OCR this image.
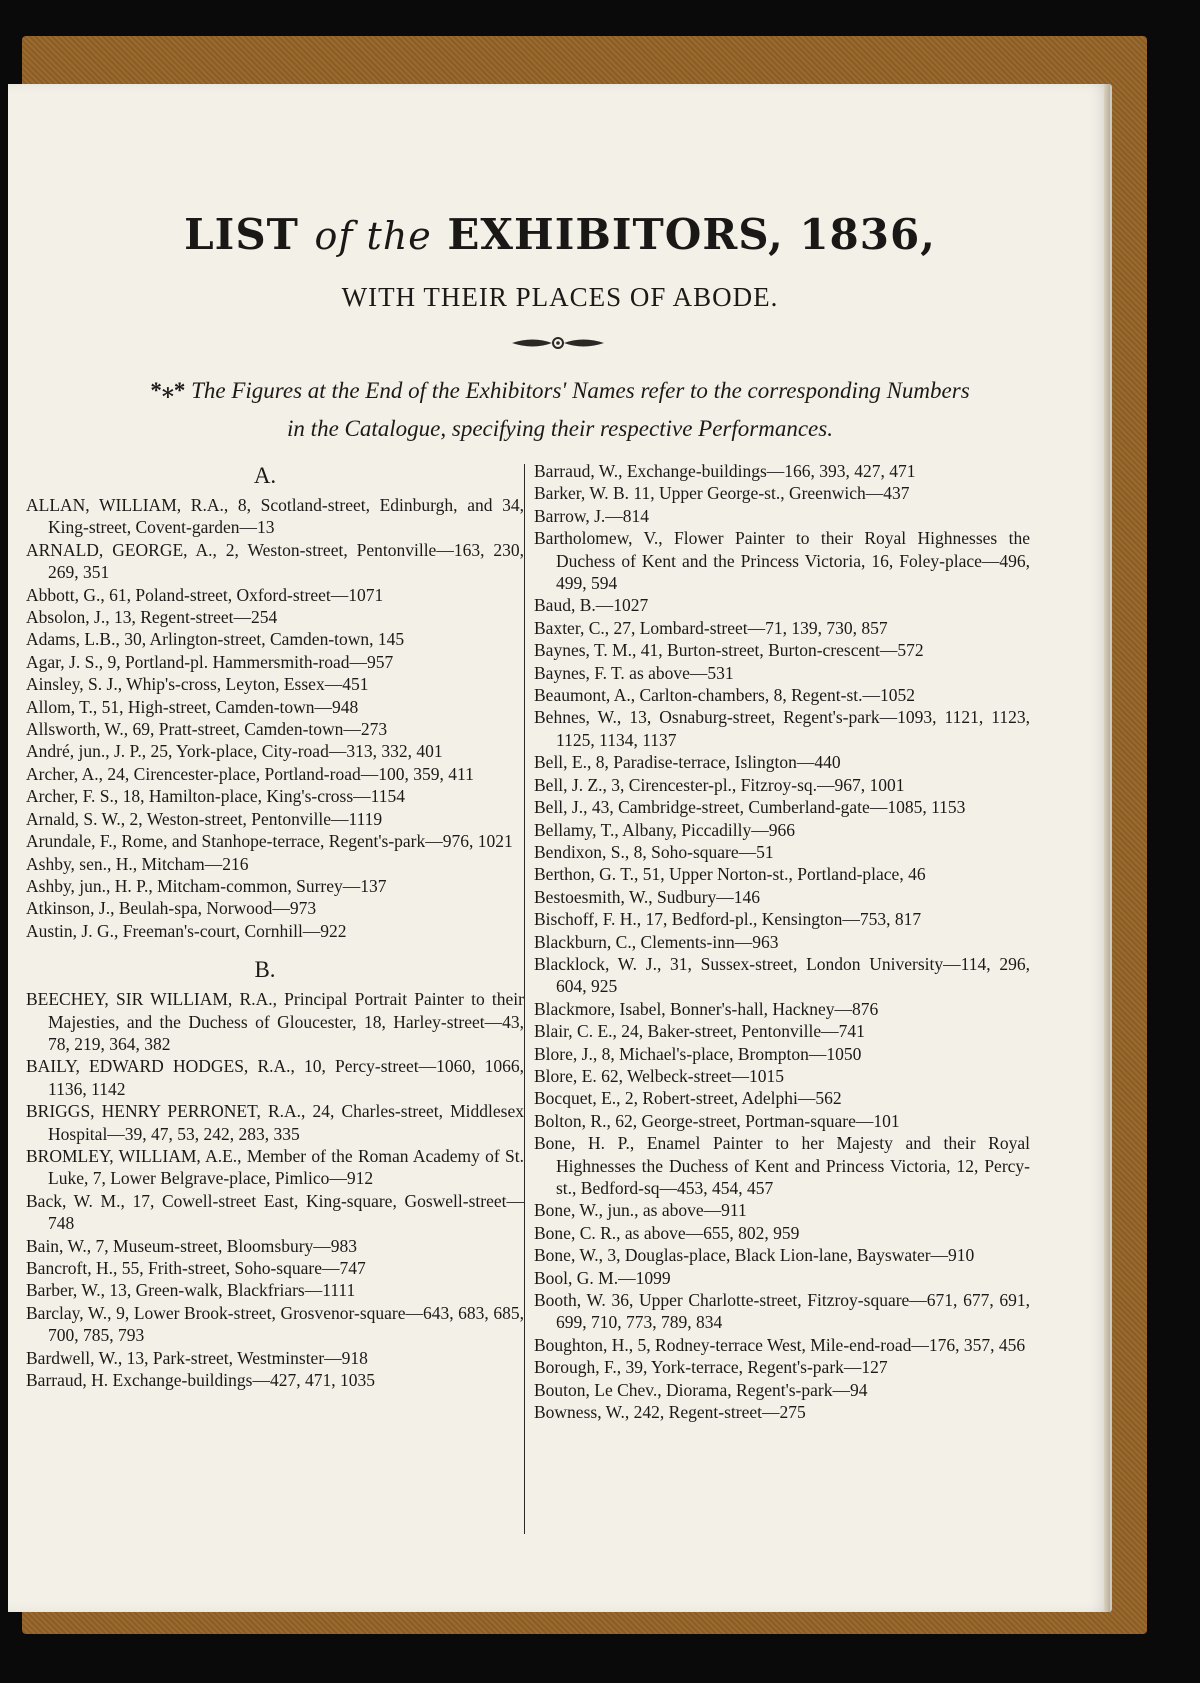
LIST of the EXHIBITORS, 1836,
WITH THEIR PLACES OF ABODE.
*⁎* The Figures at the End of the Exhibitors' Names refer to the corresponding Numbers
in the Catalogue, specifying their respective Performances.
A.

ALLAN, WILLIAM, R.A., 8, Scotland-street, Edinburgh, and 34, King-street, Covent-garden—13

ARNALD, GEORGE, A., 2, Weston-street, Pentonville—163, 230, 269, 351

Abbott, G., 61, Poland-street, Oxford-street—1071

Absolon, J., 13, Regent-street—254

Adams, L.B., 30, Arlington-street, Camden-town, 145

Agar, J. S., 9, Portland-pl. Hammersmith-road—957

Ainsley, S. J., Whip's-cross, Leyton, Essex—451

Allom, T., 51, High-street, Camden-town—948

Allsworth, W., 69, Pratt-street, Camden-town—273

André, jun., J. P., 25, York-place, City-road—313, 332, 401

Archer, A., 24, Cirencester-place, Portland-road—100, 359, 411

Archer, F. S., 18, Hamilton-place, King's-cross—1154

Arnald, S. W., 2, Weston-street, Pentonville—1119

Arundale, F., Rome, and Stanhope-terrace, Regent's-park—976, 1021

Ashby, sen., H., Mitcham—216

Ashby, jun., H. P., Mitcham-common, Surrey—137

Atkinson, J., Beulah-spa, Norwood—973

Austin, J. G., Freeman's-court, Cornhill—922

B.

BEECHEY, SIR WILLIAM, R.A., Principal Portrait Painter to their Majesties, and the Duchess of Gloucester, 18, Harley-street—43, 78, 219, 364, 382

BAILY, EDWARD HODGES, R.A., 10, Percy-street—1060, 1066, 1136, 1142

BRIGGS, HENRY PERRONET, R.A., 24, Charles-street, Middlesex Hospital—39, 47, 53, 242, 283, 335

BROMLEY, WILLIAM, A.E., Member of the Roman Academy of St. Luke, 7, Lower Belgrave-place, Pimlico—912

Back, W. M., 17, Cowell-street East, King-square, Goswell-street—748

Bain, W., 7, Museum-street, Bloomsbury—983

Bancroft, H., 55, Frith-street, Soho-square—747

Barber, W., 13, Green-walk, Blackfriars—1111

Barclay, W., 9, Lower Brook-street, Grosvenor-square—643, 683, 685, 700, 785, 793

Bardwell, W., 13, Park-street, Westminster—918

Barraud, H. Exchange-buildings—427, 471, 1035

Barraud, W., Exchange-buildings—166, 393, 427, 471

Barker, W. B. 11, Upper George-st., Greenwich—437

Barrow, J.—814

Bartholomew, V., Flower Painter to their Royal Highnesses the Duchess of Kent and the Princess Victoria, 16, Foley-place—496, 499, 594

Baud, B.—1027

Baxter, C., 27, Lombard-street—71, 139, 730, 857

Baynes, T. M., 41, Burton-street, Burton-crescent—572

Baynes, F. T. as above—531

Beaumont, A., Carlton-chambers, 8, Regent-st.—1052

Behnes, W., 13, Osnaburg-street, Regent's-park—1093, 1121, 1123, 1125, 1134, 1137

Bell, E., 8, Paradise-terrace, Islington—440

Bell, J. Z., 3, Cirencester-pl., Fitzroy-sq.—967, 1001

Bell, J., 43, Cambridge-street, Cumberland-gate—1085, 1153

Bellamy, T., Albany, Piccadilly—966

Bendixon, S., 8, Soho-square—51

Berthon, G. T., 51, Upper Norton-st., Portland-place, 46

Bestoesmith, W., Sudbury—146

Bischoff, F. H., 17, Bedford-pl., Kensington—753, 817

Blackburn, C., Clements-inn—963

Blacklock, W. J., 31, Sussex-street, London University—114, 296, 604, 925

Blackmore, Isabel, Bonner's-hall, Hackney—876

Blair, C. E., 24, Baker-street, Pentonville—741

Blore, J., 8, Michael's-place, Brompton—1050

Blore, E. 62, Welbeck-street—1015

Bocquet, E., 2, Robert-street, Adelphi—562

Bolton, R., 62, George-street, Portman-square—101

Bone, H. P., Enamel Painter to her Majesty and their Royal Highnesses the Duchess of Kent and Princess Victoria, 12, Percy-st., Bedford-sq—453, 454, 457

Bone, W., jun., as above—911

Bone, C. R., as above—655, 802, 959

Bone, W., 3, Douglas-place, Black Lion-lane, Bayswater—910

Bool, G. M.—1099

Booth, W. 36, Upper Charlotte-street, Fitzroy-square—671, 677, 691, 699, 710, 773, 789, 834

Boughton, H., 5, Rodney-terrace West, Mile-end-road—176, 357, 456

Borough, F., 39, York-terrace, Regent's-park—127

Bouton, Le Chev., Diorama, Regent's-park—94

Bowness, W., 242, Regent-street—275
